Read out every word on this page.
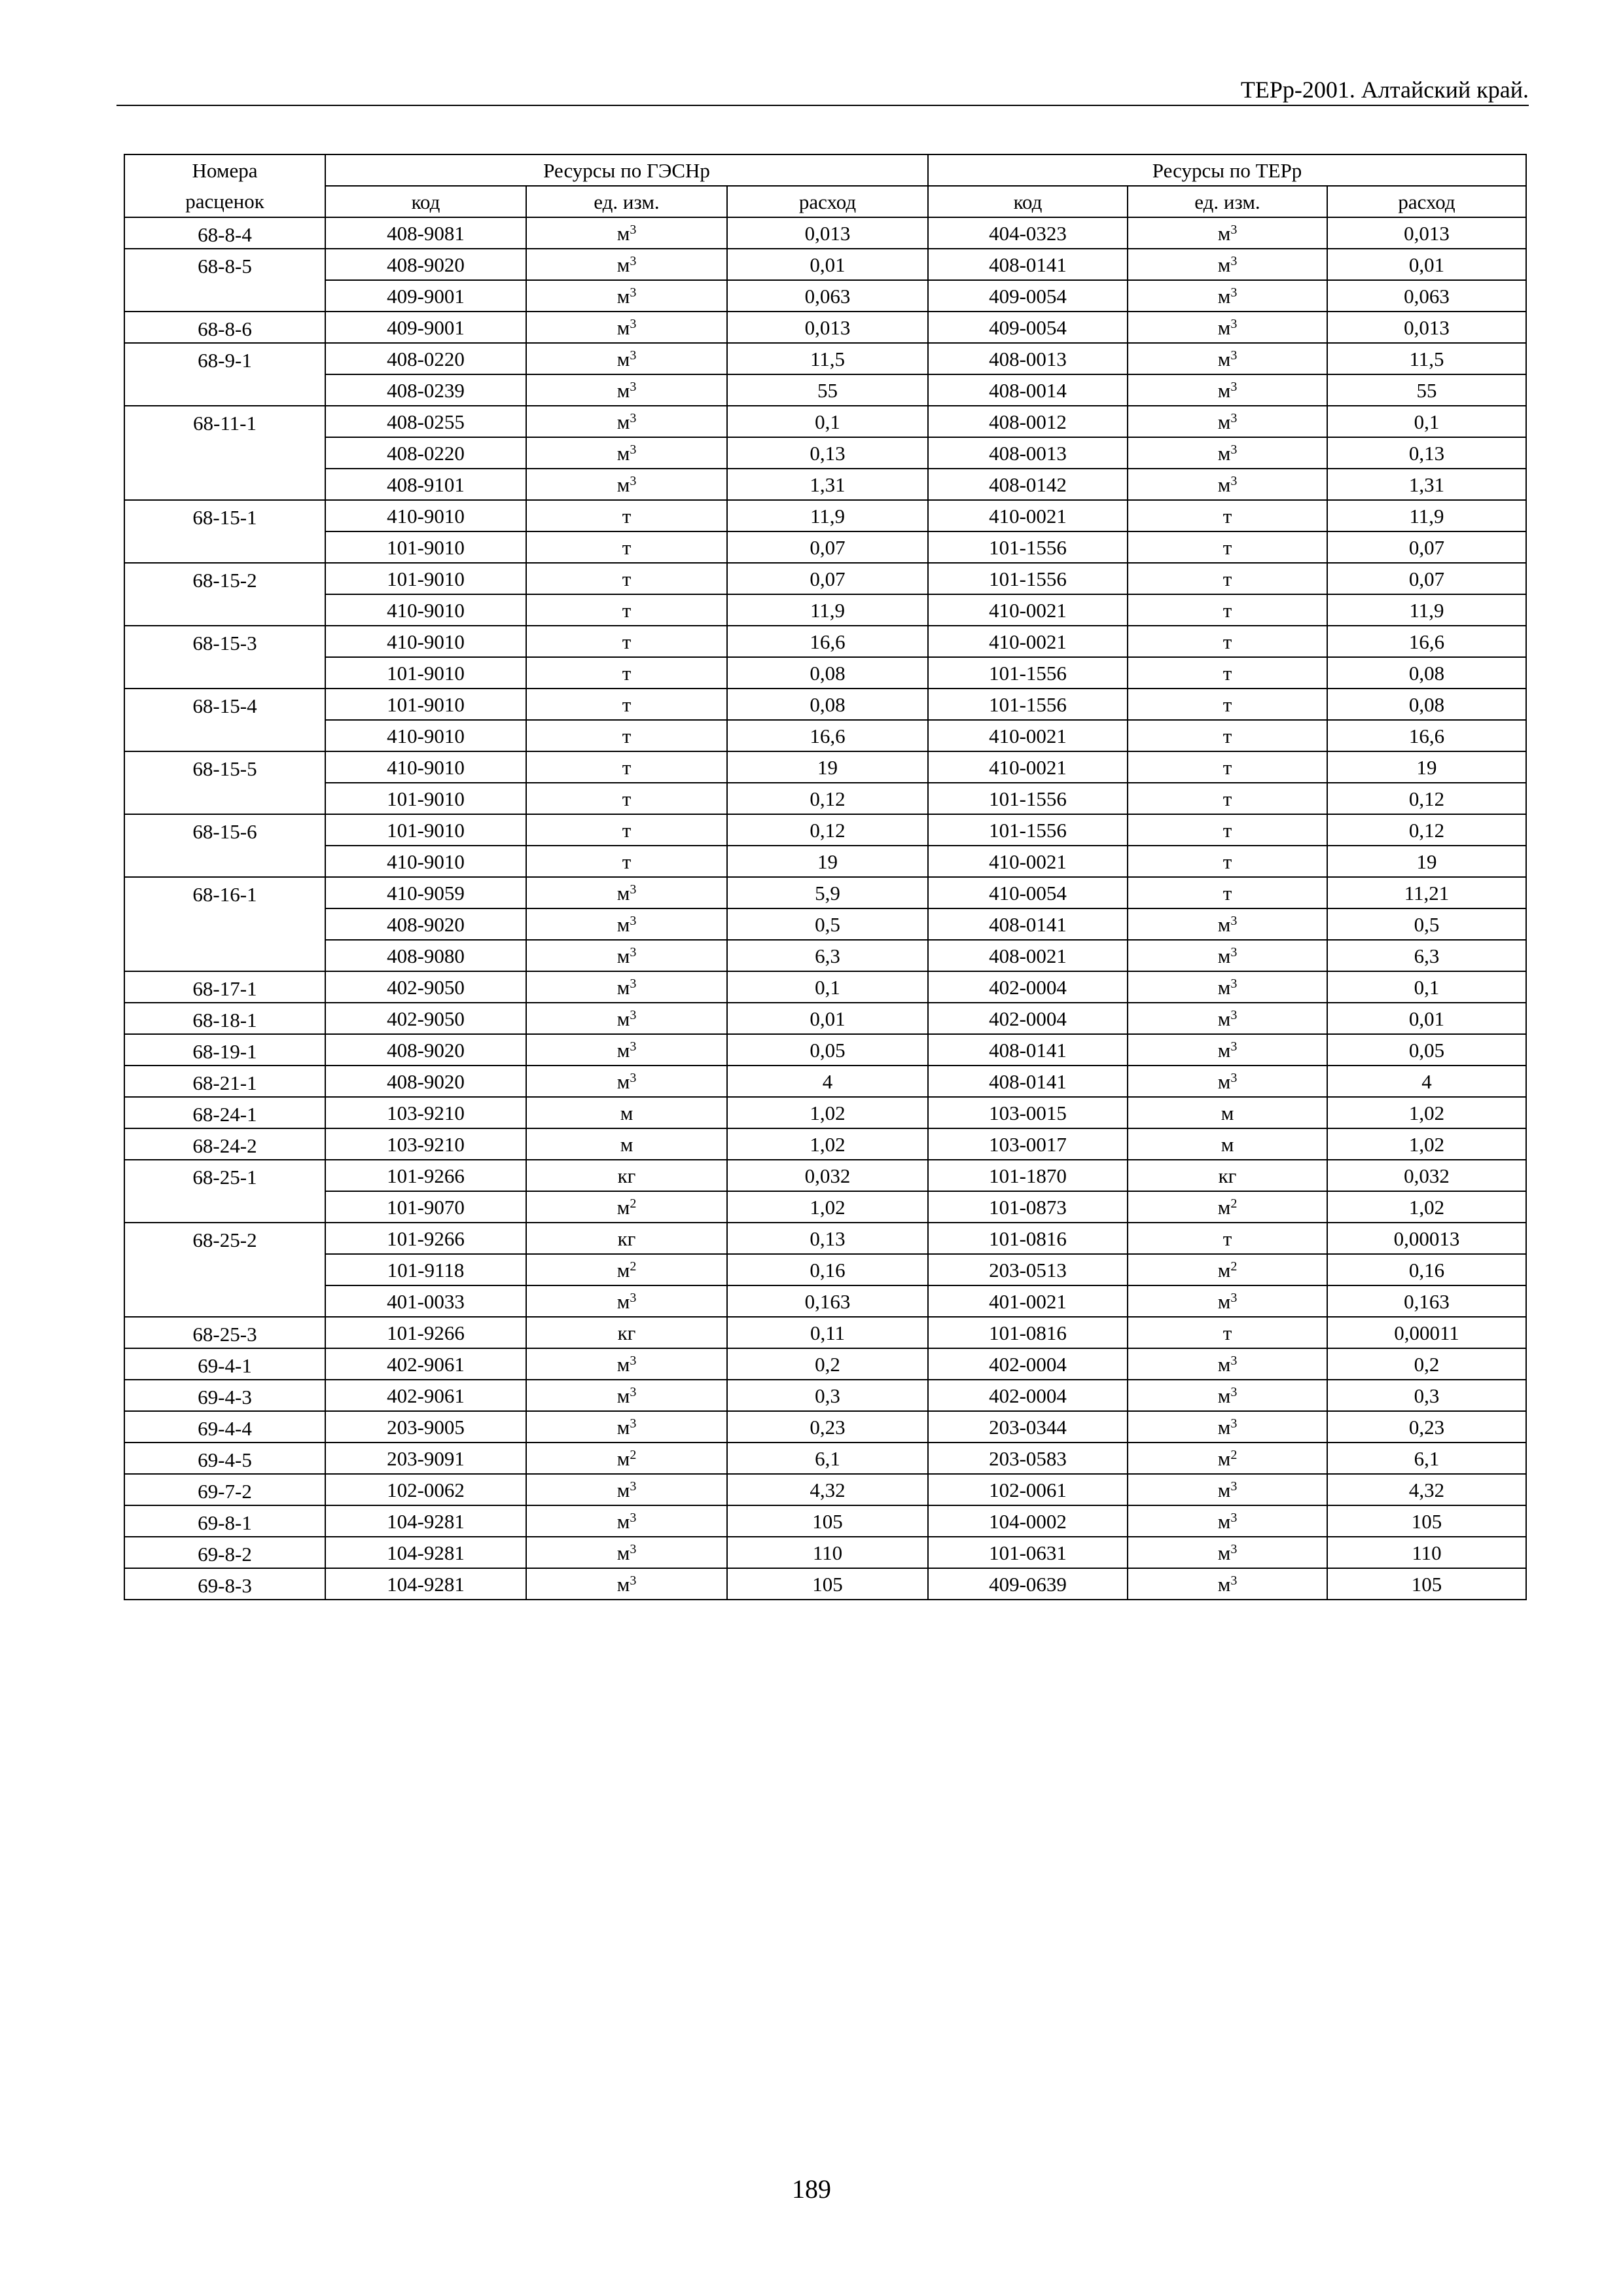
ТЕРр-2001. Алтайский край.
Номера	Ресурсы по ГЭСНр			Ресурсы по ТЕРр		
расценок	код	ед. изм.	расход	код	ед. изм.	расход
68-8-4	408-9081	$м^3$	0,013	404-0323	$м^3$	0,013
68-8-5	408-9020	$м^3$	0,01	408-0141	$м^3$	0,01
	409-9001	$м^3$	0,063	409-0054	$м^3$	0,063
68-8-6	409-9001	$м^3$	0,013	409-0054	$м^3$	0,013
68-9-1	408-0220	$м^3$	11,5	408-0013	$м^3$	11,5
	408-0239	$м^3$	55	408-0014	$м^3$	55
68-11-1	408-0255	$м^3$	0,1	408-0012	$м^3$	0,1
	408-0220	$м^3$	0,13	408-0013	$м^3$	0,13
	408-9101	$м^3$	1,31	408-0142	$м^3$	1,31
68-15-1	410-9010	т	11,9	410-0021	т	11,9
	101-9010	т	0,07	101-1556	т	0,07
68-15-2	101-9010	т	0,07	101-1556	т	0,07
	410-9010	т	11,9	410-0021	т	11,9
68-15-3	410-9010	т	16,6	410-0021	т	16,6
	101-9010	т	0,08	101-1556	т	0,08
68-15-4	101-9010	т	0,08	101-1556	т	0,08
	410-9010	т	16,6	410-0021	т	16,6
68-15-5	410-9010	т	19	410-0021	т	19
	101-9010	т	0,12	101-1556	т	0,12
68-15-6	101-9010	т	0,12	101-1556	т	0,12
	410-9010	т	19	410-0021	т	19
68-16-1	410-9059	$м^3$	5,9	410-0054	т	11,21
	408-9020	$м^3$	0,5	408-0141	$м^3$	0,5
	408-9080	$м^3$	6,3	408-0021	$м^3$	6,3
68-17-1	402-9050	$м^3$	0,1	402-0004	$м^3$	0,1
68-18-1	402-9050	$м^3$	0,01	402-0004	$м^3$	0,01
68-19-1	408-9020	$м^3$	0,05	408-0141	$м^3$	0,05
68-21-1	408-9020	$м^3$	4	408-0141	$м^3$	4
68-24-1	103-9210	м	1,02	103-0015	м	1,02
68-24-2	103-9210	м	1,02	103-0017	м	1,02
68-25-1	101-9266	кг	0,032	101-1870	кг	0,032
	101-9070	$м^2$	1,02	101-0873	$м^2$	1,02
68-25-2	101-9266	кг	0,13	101-0816	т	0,00013
	101-9118	$м^2$	0,16	203-0513	$м^2$	0,16
	401-0033	$м^3$	0,163	401-0021	$м^3$	0,163
68-25-3	101-9266	кг	0,11	101-0816	т	0,00011
69-4-1	402-9061	$м^3$	0,2	402-0004	$м^3$	0,2
69-4-3	402-9061	$м^3$	0,3	402-0004	$м^3$	0,3
69-4-4	203-9005	$м^3$	0,23	203-0344	$м^3$	0,23
69-4-5	203-9091	$м^2$	6,1	203-0583	$м^2$	6,1
69-7-2	102-0062	$м^3$	4,32	102-0061	$м^3$	4,32
69-8-1	104-9281	$м^3$	105	104-0002	$м^3$	105
69-8-2	104-9281	$м^3$	110	101-0631	$м^3$	110
69-8-3	104-9281	$м^3$	105	409-0639	$м^3$	105
189
